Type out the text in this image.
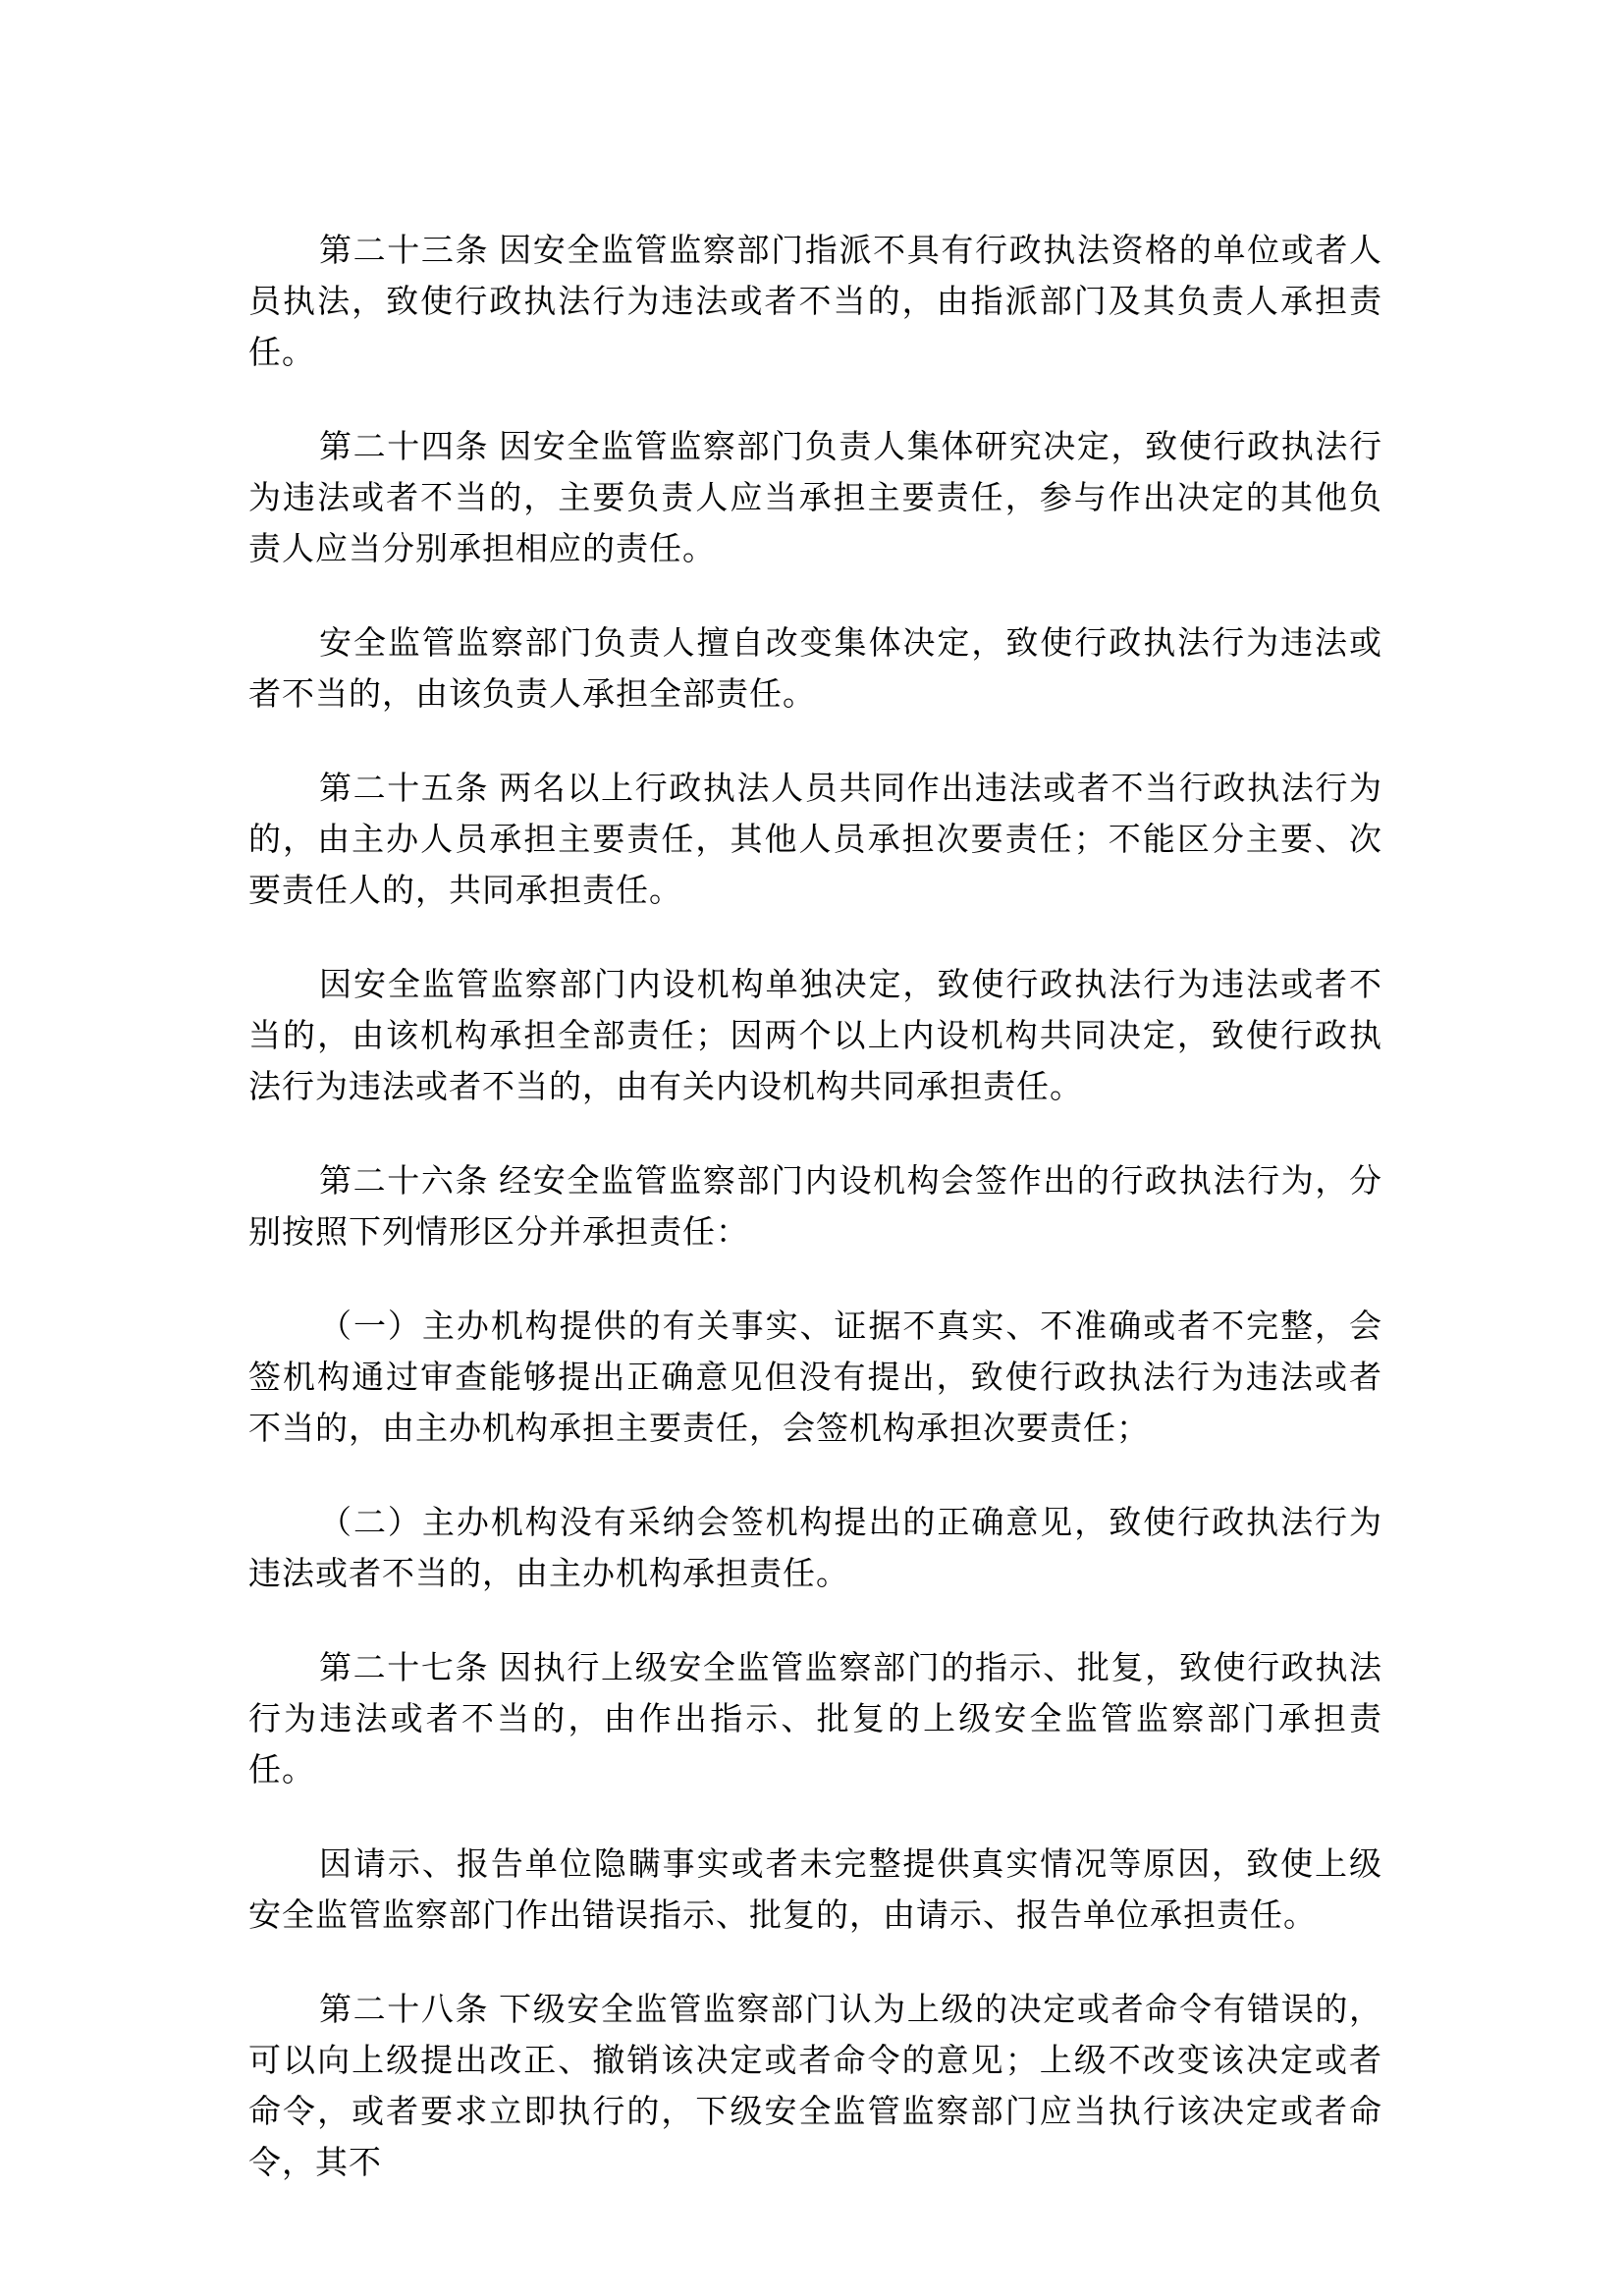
第二十三条 因安全监管监察部门指派不具有行政执法资格的单位或者人员执法，致使行政执法行为违法或者不当的，由指派部门及其负责人承担责任。

第二十四条 因安全监管监察部门负责人集体研究决定，致使行政执法行为违法或者不当的，主要负责人应当承担主要责任，参与作出决定的其他负责人应当分别承担相应的责任。

安全监管监察部门负责人擅自改变集体决定，致使行政执法行为违法或者不当的，由该负责人承担全部责任。

第二十五条 两名以上行政执法人员共同作出违法或者不当行政执法行为的，由主办人员承担主要责任，其他人员承担次要责任；不能区分主要、次要责任人的，共同承担责任。

因安全监管监察部门内设机构单独决定，致使行政执法行为违法或者不当的，由该机构承担全部责任；因两个以上内设机构共同决定，致使行政执法行为违法或者不当的，由有关内设机构共同承担责任。

第二十六条 经安全监管监察部门内设机构会签作出的行政执法行为，分别按照下列情形区分并承担责任：

（一）主办机构提供的有关事实、证据不真实、不准确或者不完整，会签机构通过审查能够提出正确意见但没有提出，致使行政执法行为违法或者不当的，由主办机构承担主要责任，会签机构承担次要责任；

（二）主办机构没有采纳会签机构提出的正确意见，致使行政执法行为违法或者不当的，由主办机构承担责任。

第二十七条 因执行上级安全监管监察部门的指示、批复，致使行政执法行为违法或者不当的，由作出指示、批复的上级安全监管监察部门承担责任。

因请示、报告单位隐瞒事实或者未完整提供真实情况等原因，致使上级安全监管监察部门作出错误指示、批复的，由请示、报告单位承担责任。

第二十八条 下级安全监管监察部门认为上级的决定或者命令有错误的，可以向上级提出改正、撤销该决定或者命令的意见；上级不改变该决定或者命令，或者要求立即执行的，下级安全监管监察部门应当执行该决定或者命令，其不
